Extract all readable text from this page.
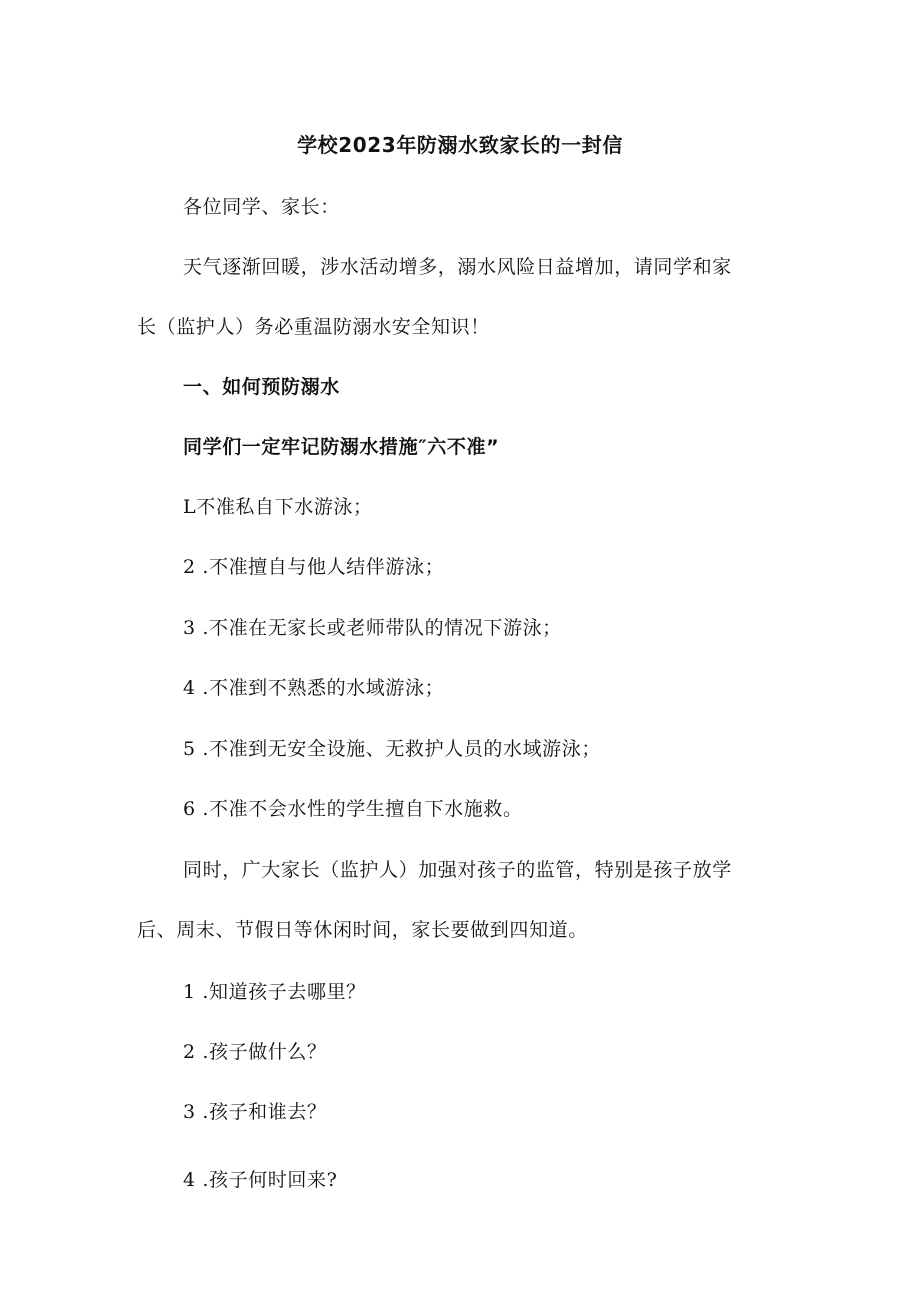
学校2023年防溺水致家长的一封信
各位同学、家长：
天气逐渐回暖，涉水活动增多，溺水风险日益增加，请同学和家
长（监护人）务必重温防溺水安全知识！
一、如何预防溺水
同学们一定牢记防溺水措施″六不准”
L不准私自下水游泳；
2 .不准擅自与他人结伴游泳；
3 .不准在无家长或老师带队的情况下游泳；
4 .不准到不熟悉的水域游泳；
5 .不准到无安全设施、无救护人员的水域游泳；
6 .不准不会水性的学生擅自下水施救。
同时，广大家长（监护人）加强对孩子的监管，特别是孩子放学
后、周末、节假日等休闲时间，家长要做到四知道。
1 .知道孩子去哪里？
2 .孩子做什么？
3 .孩子和谁去？
4 .孩子何时回来?
